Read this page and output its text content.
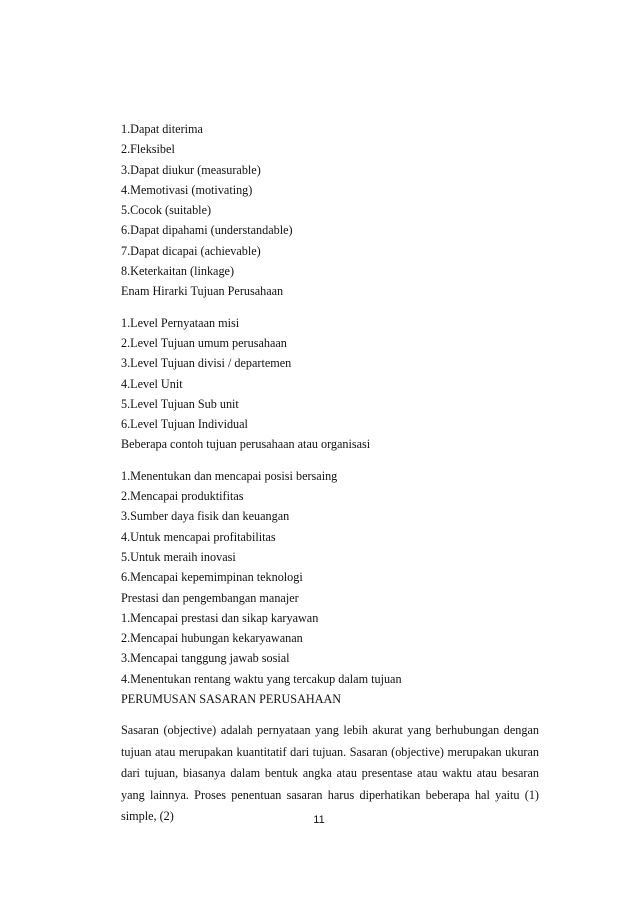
1.Dapat diterima
2.Fleksibel
3.Dapat diukur (measurable)
4.Memotivasi (motivating)
5.Cocok (suitable)
6.Dapat dipahami (understandable)
7.Dapat dicapai (achievable)
8.Keterkaitan (linkage)
Enam Hirarki Tujuan Perusahaan
1.Level Pernyataan misi
2.Level Tujuan umum perusahaan
3.Level Tujuan divisi / departemen
4.Level Unit
5.Level Tujuan Sub unit
6.Level Tujuan Individual
Beberapa contoh tujuan perusahaan atau organisasi
1.Menentukan dan mencapai posisi bersaing
2.Mencapai produktifitas
3.Sumber daya fisik dan keuangan
4.Untuk mencapai profitabilitas
5.Untuk meraih inovasi
6.Mencapai kepemimpinan teknologi
Prestasi dan pengembangan manajer
1.Mencapai prestasi dan sikap karyawan
2.Mencapai hubungan kekaryawanan
3.Mencapai tanggung jawab sosial
4.Menentukan rentang waktu yang tercakup dalam tujuan
PERUMUSAN SASARAN PERUSAHAAN
Sasaran (objective) adalah pernyataan yang lebih akurat yang berhubungan dengan tujuan atau merupakan kuantitatif dari tujuan. Sasaran (objective) merupakan ukuran dari tujuan, biasanya dalam bentuk angka atau presentase atau waktu atau besaran yang lainnya. Proses penentuan sasaran harus diperhatikan beberapa hal yaitu (1) simple, (2)	11
